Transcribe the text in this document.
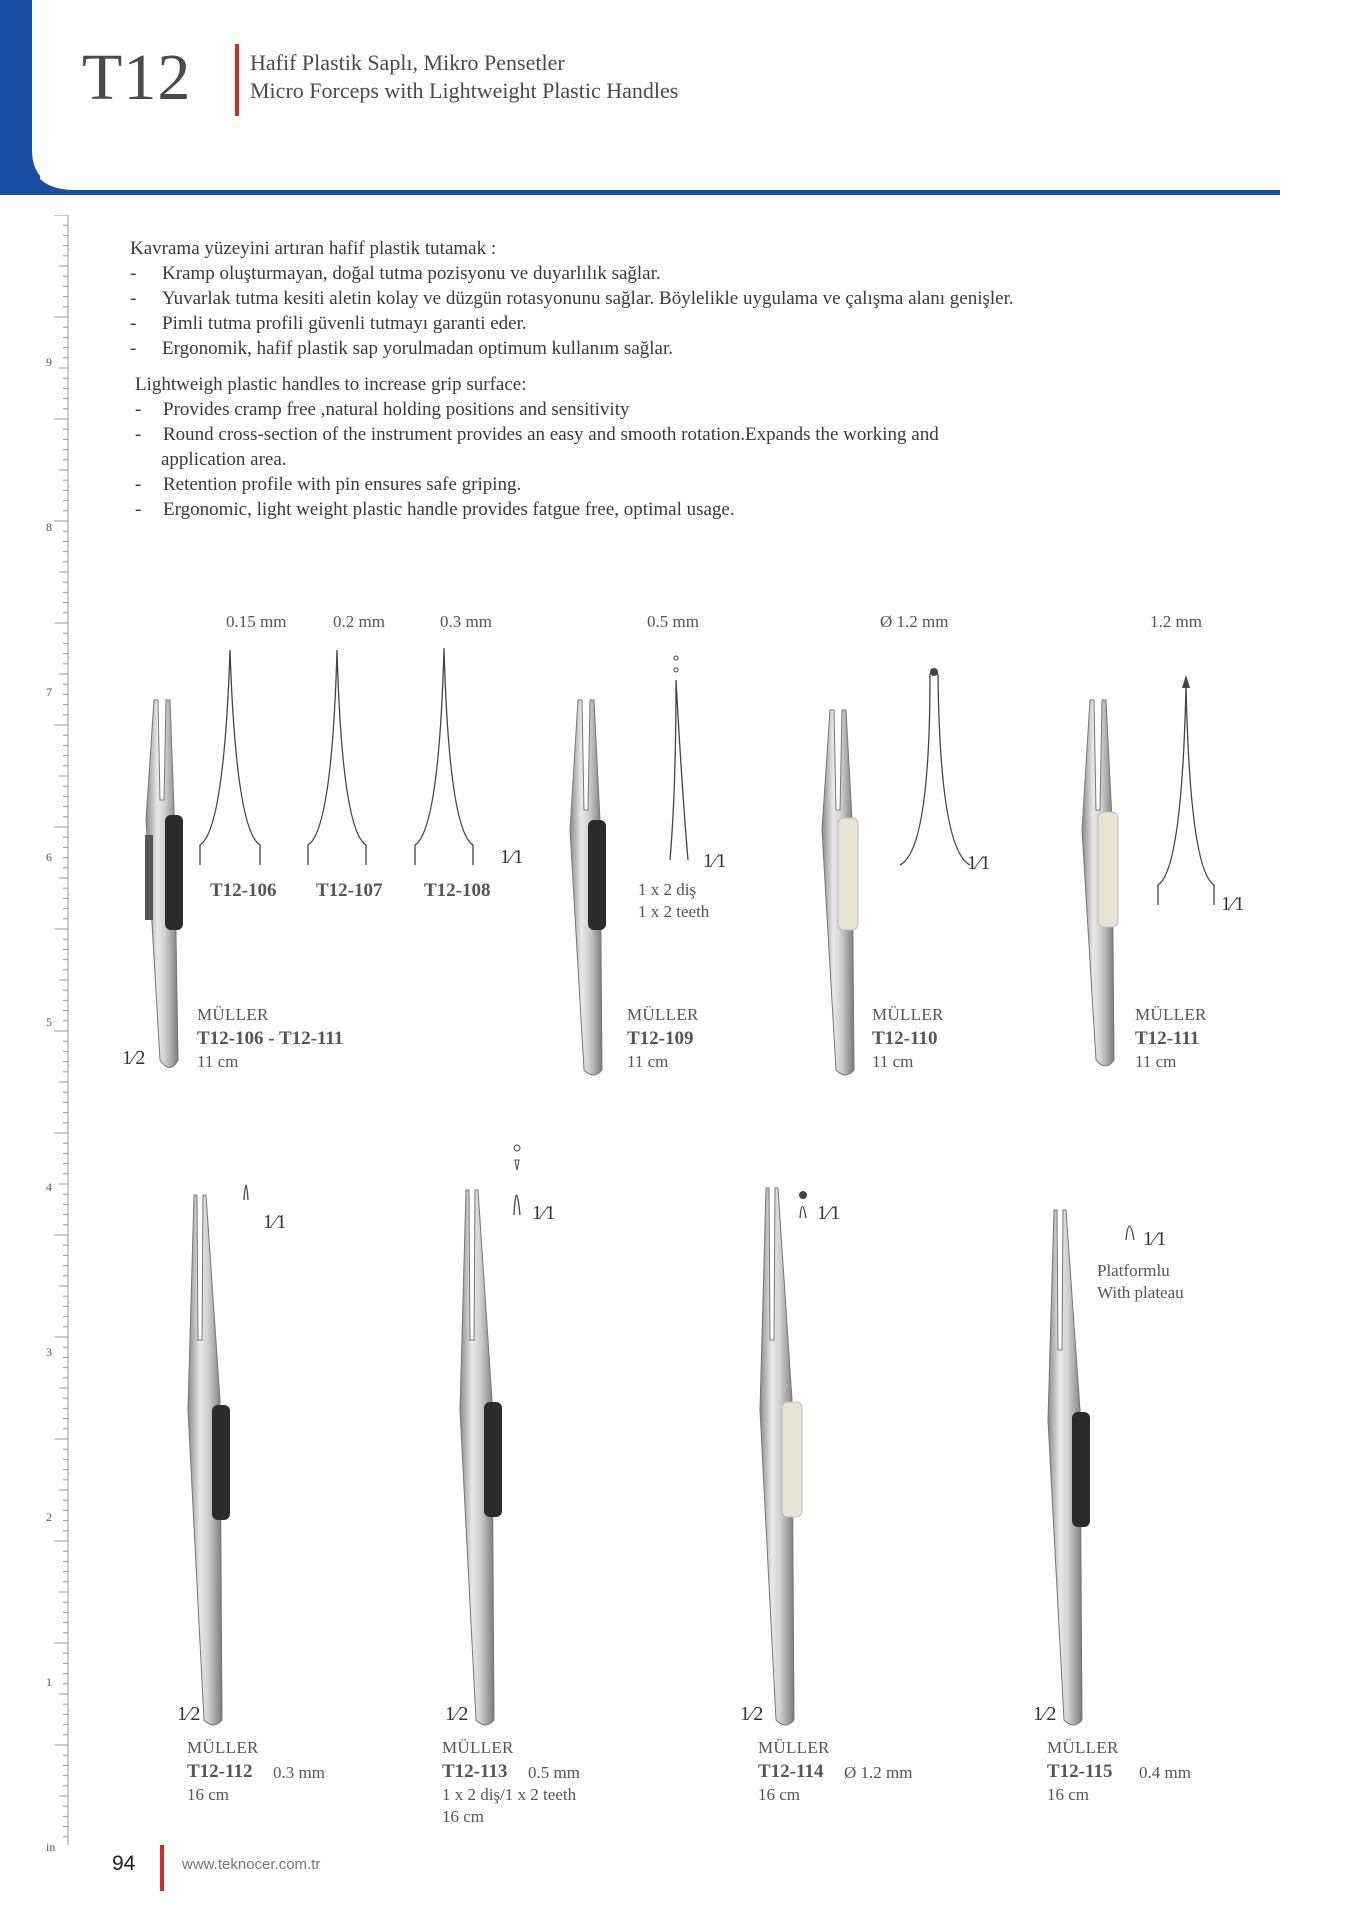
T12	Hafif Plastik Saplı, Mikro Pensetler
Micro Forceps with Lightweight Plastic Handles
9
8
7
6
5
4
3
2
1
in
Kavrama yüzeyini artıran hafif plastik tutamak :
- Kramp oluşturmayan, doğal tutma pozisyonu ve duyarlılık sağlar.
- Yuvarlak tutma kesiti aletin kolay ve düzgün rotasyonunu sağlar. Böylelikle uygulama ve çalışma alanı genişler.
- Pimli tutma profili güvenli tutmayı garanti eder.
- Ergonomik, hafif plastik sap yorulmadan optimum kullanım sağlar.
Lightweigh plastic handles to increase grip surface:
- Provides cramp free ,natural holding positions and sensitivity
- Round cross-section of the instrument provides an easy and smooth rotation.Expands the working and
application area.
- Retention profile with pin ensures safe griping.
- Ergonomic, light weight plastic handle provides fatgue free, optimal usage.
0.15 mm	0.2 mm	0.3 mm	0.5 mm	Ø 1.2 mm	1.2 mm
T12-106 T12-107 T12-108
1⁄1	1⁄1	1⁄1
1⁄1
1 x 2 diş
1 x 2 teeth
1⁄2
MÜLLER
T12-106 - T12-111
11 cm
MÜLLER
T12-109
11 cm
MÜLLER
T12-110
11 cm
MÜLLER
T12-111
11 cm
1⁄1	1⁄1	1⁄1
1⁄1
Platformlu
With plateau
1⁄2	1⁄2	1⁄2	1⁄2
MÜLLER
T12-112 0.3 mm
16 cm
MÜLLER
T12-113 0.5 mm
1 x 2 diş/1 x 2 teeth
16 cm
MÜLLER
T12-114 Ø 1.2 mm
16 cm
MÜLLER
T12-115 0.4 mm
16 cm
94	www.teknocer.com.tr
